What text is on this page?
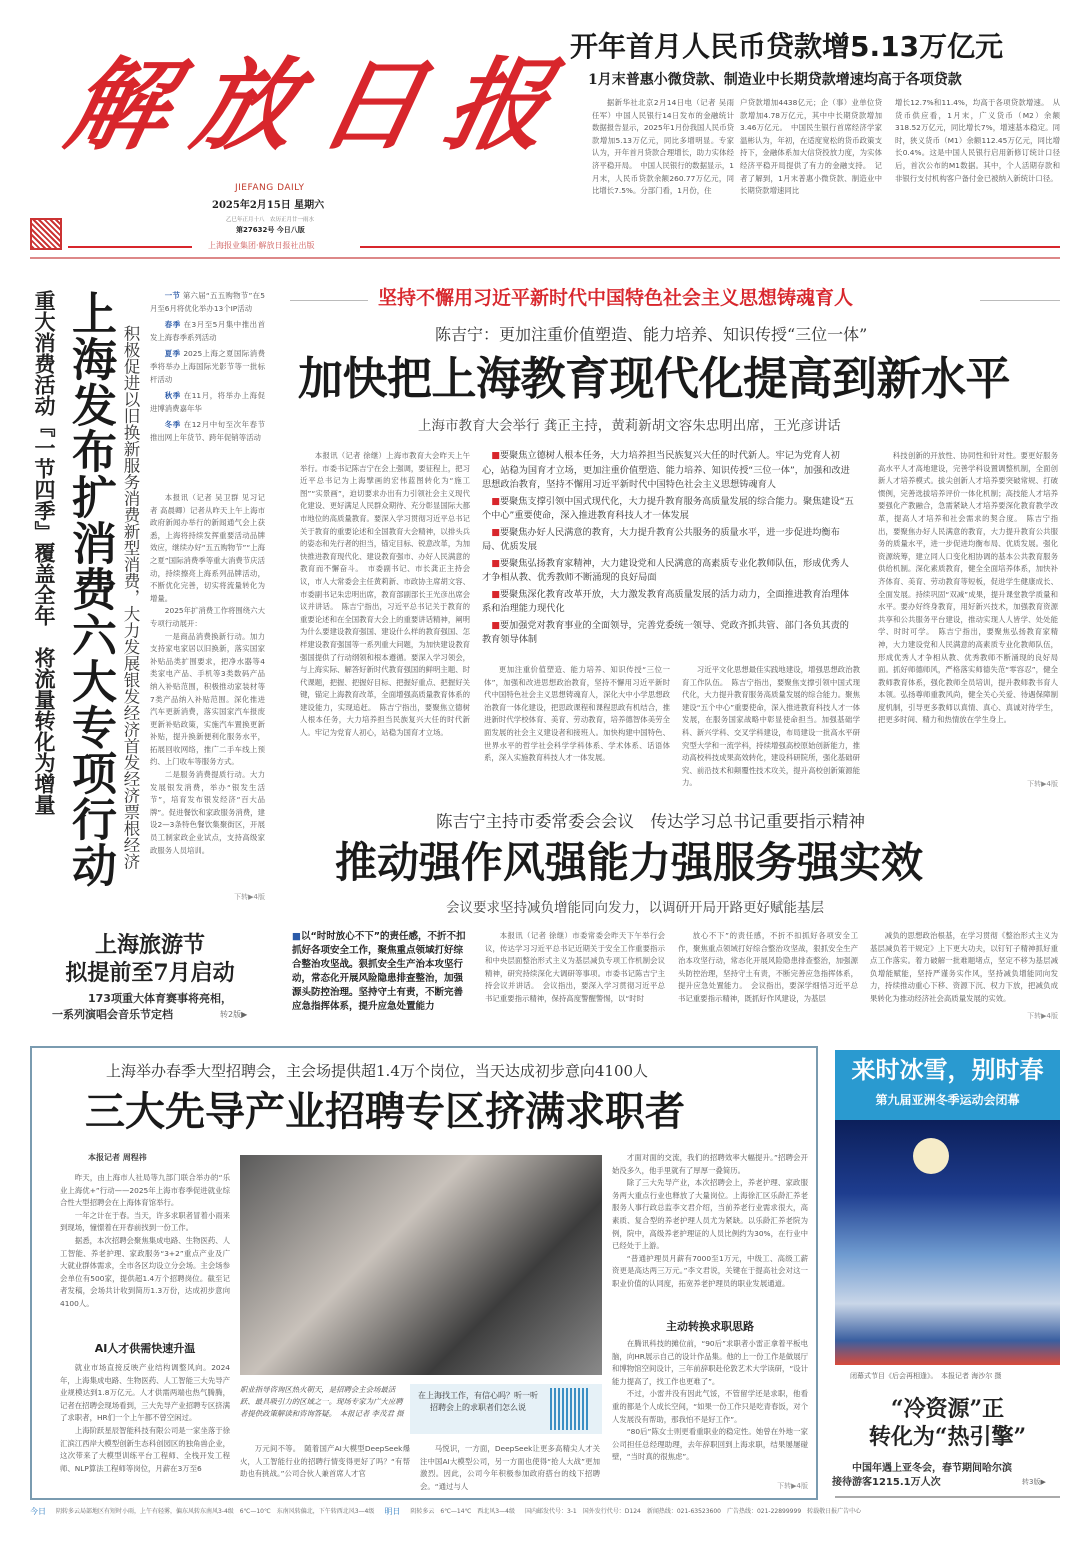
解放日报
JIEFANG DAILY
2025年2月15日 星期六
乙巳年正月十八　农历正月廿一雨水
第27632号 今日八版
上海报业集团·解放日报社出版
开年首月人民币贷款增5.13万亿元
1月末普惠小微贷款、制造业中长期贷款增速均高于各项贷款
据新华社北京2月14日电（记者 吴雨 任军）中国人民银行14日发布的金融统计数据报告显示，2025年1月份我国人民币贷款增加5.13万亿元，同比多增明显。专家认为，开年首月贷款合理增长，助力实体经济平稳开局。　中国人民银行的数据显示，1月末，人民币贷款余额260.77万亿元，同比增长7.5%。分部门看，1月份，住
户贷款增加4438亿元；企（事）业单位贷款增加4.78万亿元，其中中长期贷款增加3.46万亿元。　中国民生银行首席经济学家温彬认为，年初，在适度宽松的货币政策支持下，金融体系加大信贷投放力度，为实体经济平稳开局提供了有力的金融支持。　记者了解到，1月末普惠小微贷款、制造业中长期贷款增速同比
增长12.7%和11.4%，均高于各项贷款增速。　从货币供应看，1月末，广义货币（M2）余额318.52万亿元，同比增长7%，增速基本稳定。同时，狭义货币（M1）余额112.45万亿元，同比增长0.4%。这是中国人民银行启用新修订统计口径后，首次公布的M1数据。其中，个人活期存款和非银行支付机构客户备付金已被纳入新统计口径。
重大消费活动『一节四季』覆盖全年　将流量转化为增量 上海发布扩消费六大专项行动 积极促进以旧换新服务消费新型消费，大力发展银发经济首发经济票根经济

一节 第六届“五五购物节”在5月至6月将优化举办13个IP活动

春季 在3月至5月集中推出首发上海春季系列活动

夏季 2025上海之夏国际消费季将举办上海国际光影节等一批标杆活动

秋季 在11月，将举办上海促进博消费嘉年华

冬季 在12月中旬至次年春节推出网上年货节、跨年促销等活动

本报讯（记者 吴卫群 见习记者 高晨卿）记者从昨天上午上海市政府新闻办举行的新闻通气会上获悉，上海将持续发挥重要活动品牌效应，继续办好“五五购物节”“上海之夏”国际消费季等重大消费节庆活动，持续擦亮上海系列品牌活动，不断优化完善，切实将流量转化为增量。

2025年扩消费工作将围绕六大专项行动展开：

一是商品消费换新行动。加力支持家电家居以旧换新，落实国家补贴品类扩围要求，把净水器等4类家电产品、手机等3类数码产品纳入补贴范围，积极推动家装材等7类产品纳入补贴范围。深化推进汽车更新消费，落实国家汽车报废更新补贴政策，实施汽车置换更新补贴，提升换新便利化服务水平，拓展回收网络，推广二手车线上预约、上门收车等服务方式。

二是服务消费提质行动。大力发展银发消费，举办“银发生活节”，培育发布银发经济“百大品牌”。促进餐饮和家政服务消费，建设2—3条特色餐饮集聚街区，开展员工制家政企业试点，支持高级家政服务人员培训。

下转▶4版
上海旅游节
拟提前至7月启动
173项重大体育赛事将亮相，
一系列演唱会音乐节定档	转2版▶
坚持不懈用习近平新时代中国特色社会主义思想铸魂育人
陈吉宁：更加注重价值塑造、能力培养、知识传授“三位一体”
加快把上海教育现代化提高到新水平
上海市教育大会举行 龚正主持，黄莉新胡文容朱忠明出席，王光彦讲话

本报讯（记者 徐继）上海市教育大会昨天上午举行。市委书记陈吉宁在会上强调，要征程上，把习近平总书记为上海擘画的宏伟蓝图转化为“施工图”“实景画”，迫切要求办出有力引领社会主义现代化建设、更好满足人民群众期待、充分彰显国际大都市地位的高质量教育。要深入学习贯彻习近平总书记关于教育的重要论述和全国教育大会精神，以排头兵的姿态和先行者的担当，锚定目标、锐意改革，为加快推进教育现代化、建设教育强市、办好人民满意的教育而不懈奋斗。　市委副书记、市长龚正主持会议，市人大常委会主任黄莉新、市政协主席胡文容、市委副书记朱忠明出席，教育部副部长王光彦出席会议并讲话。　陈吉宁指出，习近平总书记关于教育的重要论述和在全国教育大会上的重要讲话精神，阐明为什么要建设教育强国、建设什么样的教育强国、怎样建设教育强国等一系列重大问题，为加快建设教育强国提供了行动纲领和根本遵循。要深入学习领会，与上海实际、解答好新时代教育强国的鲜明主题、时代课题，把握、把握好目标、把握好重点、把握好关键，锚定上海教育改革，全面增强高质量教育体系的建设能力，实现追赶。　陈吉宁指出，要聚焦立德树人根本任务，大力培养担当民族复兴大任的时代新人。牢记为党育人初心，站稳为国育才立场。

■ 要聚焦立德树人根本任务，大力培养担当民族复兴大任的时代新人。牢记为党育人初心，站稳为国育才立场，更加注重价值塑造、能力培养、知识传授“三位一体”，加强和改进思想政治教育，坚持不懈用习近平新时代中国特色社会主义思想铸魂育人

■ 要聚焦支撑引领中国式现代化，大力提升教育服务高质量发展的综合能力。聚焦建设“五个中心”重要使命，深入推进教育科技人才一体发展

■ 要聚焦办好人民满意的教育，大力提升教育公共服务的质量水平，进一步促进均衡布局、优质发展

■ 要聚焦弘扬教育家精神，大力建设党和人民满意的高素质专业化教师队伍，形成优秀人才争相从教、优秀教师不断涌现的良好局面

■ 要聚焦深化教育改革开放，大力激发教育高质量发展的活力动力，全面推进教育治理体系和治理能力现代化

■ 要加强党对教育事业的全面领导，完善党委统一领导、党政齐抓共管、部门各负其责的教育领导体制

更加注重价值塑造、能力培养、知识传授“三位一体”，加强和改进思想政治教育，坚持不懈用习近平新时代中国特色社会主义思想铸魂育人，深化大中小学思想政治教育一体化建设，把思政课程和课程思政有机结合，推进新时代学校体育、美育、劳动教育，培养德智体美劳全面发展的社会主义建设者和接班人。加快构建中国特色、世界水平的哲学社会科学学科体系、学术体系、话语体系，深入实施教育科技人才一体发展。

习近平文化思想最佳实践地建设，增强思想政治教育工作队伍。　陈吉宁指出，要聚焦支撑引领中国式现代化，大力提升教育服务高质量发展的综合能力。聚焦建设“五个中心”重要使命，深入推进教育科技人才一体发展，在服务国家战略中彰显使命担当。加强基础学科、新兴学科、交叉学科建设，布局建设一批高水平研究型大学和一流学科，持续增强高校原始创新能力，推动高校科技成果高效转化，建设科研院所，强化基础研究、前沿技术和颠覆性技术攻关，提升高校创新策源能力。

科技创新的开放性、协同性和针对性。要更好服务高水平人才高地建设，完善学科设置调整机制，全面创新人才培养模式。拔尖创新人才培养要突破常规、打破惯例，完善选拔培养评价一体化机制；高技能人才培养要强化产教融合，急需紧缺人才培养要深化教育教学改革，提高人才培养和社会需求的契合度。　陈吉宁指出，要聚焦办好人民满意的教育，大力提升教育公共服务的质量水平，进一步促进均衡布局、优质发展。强化资源统筹，建立同人口变化相协调的基本公共教育服务供给机制。深化素质教育，健全全面培养体系，加快补齐体育、美育、劳动教育等短板，促进学生健康成长、全面发展。持续巩固“双减”成果，提升课堂教学质量和水平。要办好终身教育，用好新兴技术，加强教育资源共享和公共服务平台建设，推动实现人人皆学、处处能学、时时可学。　陈吉宁指出，要聚焦弘扬教育家精神，大力建设党和人民满意的高素质专业化教师队伍，形成优秀人才争相从教、优秀教师不断涌现的良好局面。抓好师德师风，严格落实师德失范“零容忍”，健全教师教育体系，强化教师全员培训，提升教师教书育人本领。弘扬尊师重教风尚，健全关心关爱、待遇保障制度机制，引导更多教师以真情、真心、真诚对待学生，把更多时间、精力和热情放在学生身上。

下转▶4版
陈吉宁主持市委常委会会议　传达学习总书记重要指示精神
推动强作风强能力强服务强实效
会议要求坚持减负增能同向发力，以调研开局开路更好赋能基层
■以“时时放心不下”的责任感，不折不扣抓好各项安全工作，聚焦重点领域打好综合整治攻坚战。狠抓安全生产治本攻坚行动，常态化开展风险隐患排查整治，加强源头防控治理。坚持守土有责，不断完善应急指挥体系，提升应急处置能力

本报讯（记者 徐继）市委常委会昨天下午举行会议，传达学习习近平总书记近期关于安全工作重要指示和中央层面整治形式主义为基层减负专项工作机制会议精神，研究持续深化大调研等事项。市委书记陈吉宁主持会议并讲话。　会议指出，要深入学习贯彻习近平总书记重要指示精神，保持高度警醒警惕，以“时时

放心不下”的责任感，不折不扣抓好各项安全工作，聚焦重点领域打好综合整治攻坚战，狠抓安全生产治本攻坚行动，常态化开展风险隐患排查整治，加强源头防控治理，坚持守土有责，不断完善应急指挥体系，提升应急处置能力。　会议指出，要深学细悟习近平总书记重要指示精神，既抓好作风建设，为基层

减负的思想政治根基，在学习贯彻《整治形式主义为基层减负若干规定》上下更大功夫，以钉钉子精神抓好重点工作落实。着力破解一批难题堵点，坚定不移为基层减负增能赋能，坚持严谨务实作风，坚持减负增能同向发力，持续推动重心下移、资源下沉、权力下放，把减负成果转化为推动经济社会高质量发展的实效。

下转▶4版
上海举办春季大型招聘会，主会场提供超1.4万个岗位，当天达成初步意向4100人
三大先导产业招聘专区挤满求职者
本报记者 周程祎

昨天，由上海市人社局等九部门联合举办的“乐业上海优+”行动——2025年上海市春季促进就业综合性大型招聘会在上海体育馆举行。

一年之计在于春。当天，许多求职者冒着小雨来到现场，憧憬着在开春前找到一份工作。

据悉，本次招聘会聚焦集成电路、生物医药、人工智能、养老护理、家政服务“3+2”重点产业及广大就业群体需求，全市各区均设立分会场。主会场参会单位有500家，提供超1.4万个招聘岗位。截至记者发稿，会场共计收到简历1.3万份，达成初步意向4100人。

AI人才供需快速升温

就业市场直接反映产业结构调整风向。2024年，上海集成电路、生物医药、人工智能三大先导产业规模达到1.8万亿元。人才供需两端也热气腾腾，记者在招聘会现场看到，三大先导产业招聘专区挤满了求职者，HR们一个上午都不曾空闲过。

上海阶跃星辰智能科技有限公司是一家坐落于徐汇滨江西岸大模型创新生态科创园区的独角兽企业，这次带来了大模型训练平台工程师、全栈开发工程师、NLP算法工程师等岗位，月薪在3万至6

职业指导咨询区热火朝天，是招聘会主会场最活跃、最具吸引力的区域之一。现场专家为广大应聘者提供政策解读和咨询答疑。　本报记者 李茂君 摄
在上海找工作，有信心吗？听一听招聘会上的求职者们怎么说

万元间不等。　随着国产AI大模型DeepSeek爆火，人工智能行业的招聘行情变得更好了吗？“有帮助也有挑战。”公司合伙人兼首席人才官

马悦识，一方面，DeepSeek让更多高精尖人才关注中国AI大模型公司，另一方面也使得“抢人大战”更加激烈。因此，公司今年积极参加政府搭台的线下招聘会。“通过与人

才面对面的交流，我们的招聘效率大幅提升。”招聘会开始没多久，他手里就有了厚厚一叠简历。

除了三大先导产业，本次招聘会上，养老护理、家政服务两大重点行业也释放了大量岗位。上海徐汇区乐龄汇养老服务人事行政总监李文君介绍，当前养老行业需求很大，高素质、复合型的养老护理人员尤为紧缺。以乐龄汇养老院为例，院中，高级养老护理证的人员比例约为30%，在行业中已经处于上游。

“普通护理员月薪有7000至1万元，中级工、高级工薪资更是高达两三万元。”李文君说，关键在于提高社会对这一职业价值的认同度，拓宽养老护理员的职业发展通道。

主动转换求职思路

在腾讯科技的摊位前，“90后”求职者小雷正拿着平板电脑，向HR展示自己的设计作品集。他的上一份工作是做展厅和博物馆空间设计，三年前辞职赴伦敦艺术大学读研，“设计能力提高了，找工作也更难了”。

不过，小雷并没有因此气馁，不管留学还是求职，他看重的都是个人成长空间，“如果一份工作只是吃青春饭，对个人发展没有帮助，那我怕不是好工作”。

“80后”陈女士则更看重职业的稳定性。她曾在外地一家公司担任总经理助理，去年辞职回到上海求职，结果屡屡碰壁，“当时真的很焦虑”。

下转▶4版
来时冰雪，别时春
第九届亚洲冬季运动会闭幕
闭幕式节目《后会再相逢》。　本报记者 海沙尔 摄
“冷资源”正
转化为“热引擎”
中国年遇上亚冬会，春节期间哈尔滨接待游客1215.1万人次	转3版▶
今日 阴转多云局部地区有短时小雨，上午有轻雾，偏东风转东南风3-4级　6℃—10℃　东南风转偏北，下午转西北风3—4级 明日 阴转多云　6℃—14℃　西北风3—4级 国内邮发代号：3-1　国外发行代号：D124　新闻热线：021-63523600　广告热线：021-22899999　转载敬日报广告中心
